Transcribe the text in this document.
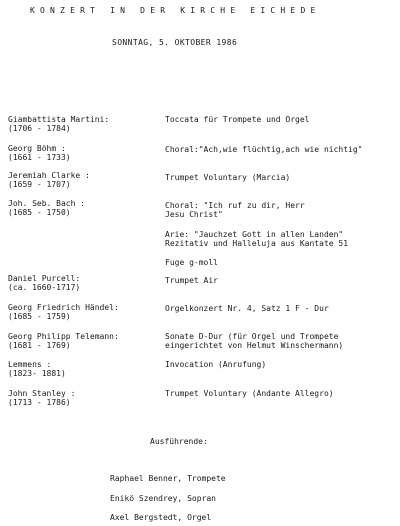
KONZERT IN DER KIRCHE EICHEDE
SONNTAG, 5. OKTOBER 1986
Giambattista Martini:
(1706 - 1784)
Toccata für Trompete und Orgel
Georg Böhm :
(1661 - 1733)
Choral:"Ach,wie flüchtig,ach wie nichtig"
Jeremiah Clarke :
(1659 - 1707)
Trumpet Voluntary (Marcia)
Joh. Seb. Bach :
(1685 - 1750)
Choral: "Ich ruf zu dir, Herr
Jesu Christ"
Arie: "Jauchzet Gott in allen Landen"
Rezitativ und Halleluja aus Kantate 51
Fuge g-moll
Daniel Purcell:
(ca. 1660-1717)
Trumpet Air
Georg Friedrich Händel:
(1685 - 1759)
Orgelkonzert Nr. 4, Satz 1 F - Dur
Georg Philipp Telemann:
(1681 - 1769)
Sonate D-Dur (für Orgel und Trompete
eingerichtet von Helmut Winschermann)
Lemmens :
(1823- 1881)
Invocation (Anrufung)
John Stanley :
(1713 - 1786)
Trumpet Voluntary (Andante Allegro)
Ausführende:
Raphael Benner, Trompete
Enikö Szendrey, Sopran
Axel Bergstedt, Orgel
